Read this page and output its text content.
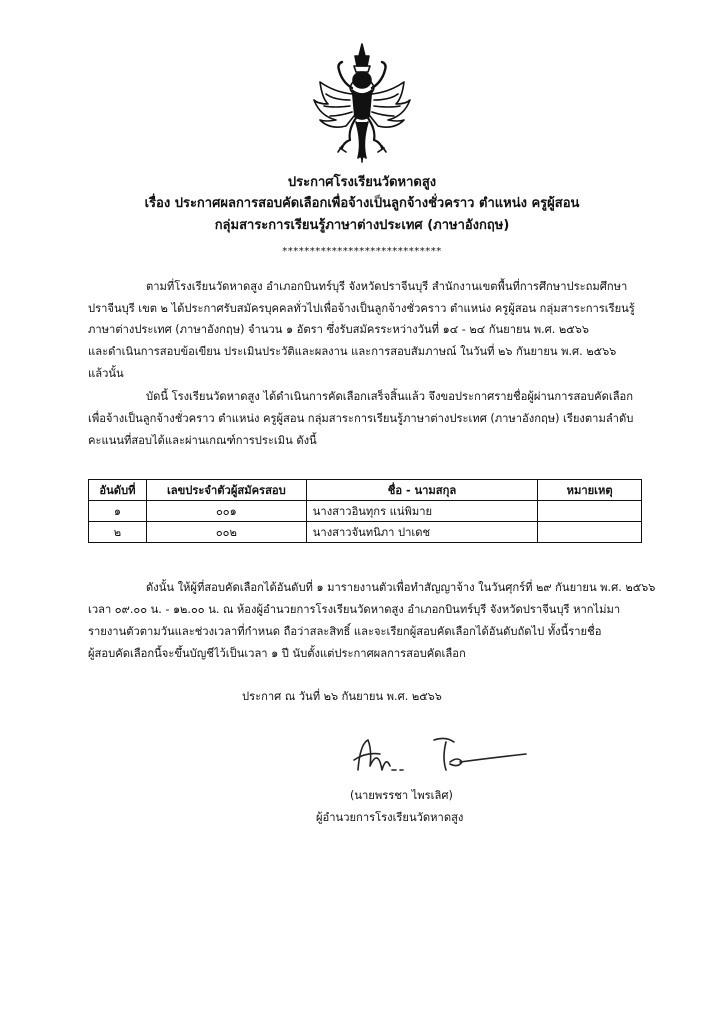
ประกาศโรงเรียนวัดหาดสูง
เรื่อง ประกาศผลการสอบคัดเลือกเพื่อจ้างเป็นลูกจ้างชั่วคราว ตำแหน่ง ครูผู้สอน
กลุ่มสาระการเรียนรู้ภาษาต่างประเทศ (ภาษาอังกฤษ)
*****************************
ตามที่โรงเรียนวัดหาดสูง อำเภอกบินทร์บุรี จังหวัดปราจีนบุรี สำนักงานเขตพื้นที่การศึกษาประถมศึกษา
ปราจีนบุรี เขต ๒ ได้ประกาศรับสมัครบุคคลทั่วไปเพื่อจ้างเป็นลูกจ้างชั่วคราว ตำแหน่ง ครูผู้สอน กลุ่มสาระการเรียนรู้
ภาษาต่างประเทศ (ภาษาอังกฤษ) จำนวน ๑ อัตรา ซึ่งรับสมัครระหว่างวันที่ ๑๔ - ๒๔ กันยายน พ.ศ. ๒๕๖๖
และดำเนินการสอบข้อเขียน ประเมินประวัติและผลงาน และการสอบสัมภาษณ์ ในวันที่ ๒๖ กันยายน พ.ศ. ๒๕๖๖
แล้วนั้น
บัดนี้ โรงเรียนวัดหาดสูง ได้ดำเนินการคัดเลือกเสร็จสิ้นแล้ว จึงขอประกาศรายชื่อผู้ผ่านการสอบคัดเลือก
เพื่อจ้างเป็นลูกจ้างชั่วคราว ตำแหน่ง ครูผู้สอน กลุ่มสาระการเรียนรู้ภาษาต่างประเทศ (ภาษาอังกฤษ) เรียงตามลำดับ
คะแนนที่สอบได้และผ่านเกณฑ์การประเมิน ดังนี้
อันดับที่	เลขประจำตัวผู้สมัครสอบ	ชื่อ - นามสกุล	หมายเหตุ
๑	๐๐๑	นางสาวอินทุกร แน่พิมาย	
๒	๐๐๒	นางสาวจันทนิภา ปาเดช	
ดังนั้น ให้ผู้ที่สอบคัดเลือกได้อันดับที่ ๑ มารายงานตัวเพื่อทำสัญญาจ้าง ในวันศุกร์ที่ ๒๙ กันยายน พ.ศ. ๒๕๖๖
เวลา ๐๙.๐๐ น. - ๑๒.๐๐ น. ณ ห้องผู้อำนวยการโรงเรียนวัดหาดสูง อำเภอกบินทร์บุรี จังหวัดปราจีนบุรี หากไม่มา
รายงานตัวตามวันและช่วงเวลาที่กำหนด ถือว่าสละสิทธิ์ และจะเรียกผู้สอบคัดเลือกได้อันดับถัดไป ทั้งนี้รายชื่อ
ผู้สอบคัดเลือกนี้จะขึ้นบัญชีไว้เป็นเวลา ๑ ปี นับตั้งแต่ประกาศผลการสอบคัดเลือก
ประกาศ ณ วันที่ ๒๖ กันยายน พ.ศ. ๒๕๖๖
(นายพรรชา ไพรเลิศ)
ผู้อำนวยการโรงเรียนวัดหาดสูง
